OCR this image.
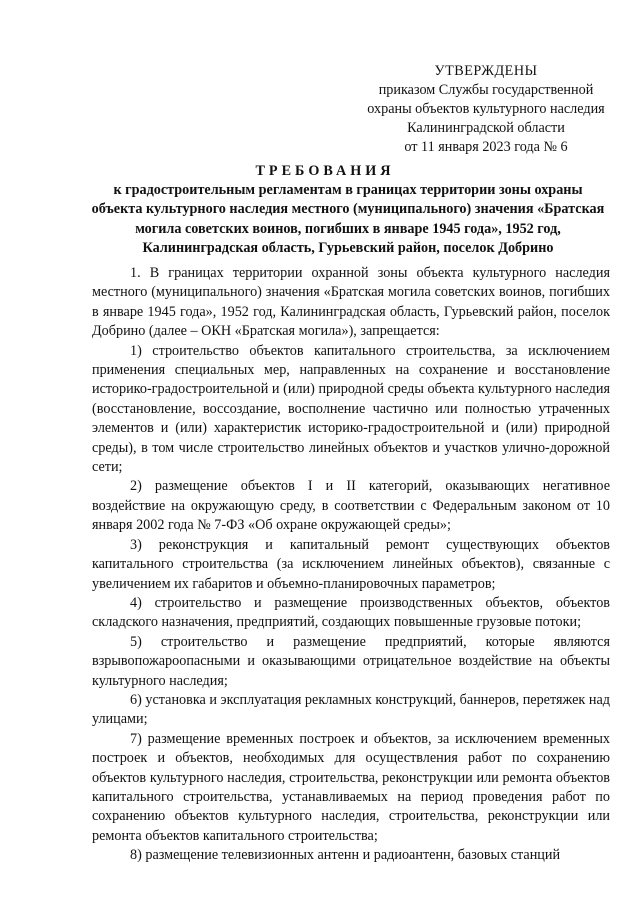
УТВЕРЖДЕНЫ
приказом Службы государственной
охраны объектов культурного наследия
Калининградской области
от 11 января 2023 года № 6
ТРЕБОВАНИЯ
к градостроительным регламентам в границах территории зоны охраны объекта культурного наследия местного (муниципального) значения «Братская могила советских воинов, погибших в январе 1945 года», 1952 год, Калининградская область, Гурьевский район, поселок Добрино

1. В границах территории охранной зоны объекта культурного наследия местного (муниципального) значения «Братская могила советских воинов, погибших в январе 1945 года», 1952 год, Калининградская область, Гурьевский район, поселок Добрино (далее – ОКН «Братская могила»), запрещается:

1) строительство объектов капитального строительства, за исключением применения специальных мер, направленных на сохранение и восстановление историко-градостроительной и (или) природной среды объекта культурного наследия (восстановление, воссоздание, восполнение частично или полностью утраченных элементов и (или) характеристик историко-градостроительной и (или) природной среды), в том числе строительство линейных объектов и участков улично-дорожной сети;

2) размещение объектов I и II категорий, оказывающих негативное воздействие на окружающую среду, в соответствии с Федеральным законом от 10 января 2002 года № 7-ФЗ «Об охране окружающей среды»;

3) реконструкция и капитальный ремонт существующих объектов капитального строительства (за исключением линейных объектов), связанные с увеличением их габаритов и объемно-планировочных параметров;

4) строительство и размещение производственных объектов, объектов складского назначения, предприятий, создающих повышенные грузовые потоки;

5) строительство и размещение предприятий, которые являются взрывопожароопасными и оказывающими отрицательное воздействие на объекты культурного наследия;

6) установка и эксплуатация рекламных конструкций, баннеров, перетяжек над улицами;

7) размещение временных построек и объектов, за исключением временных построек и объектов, необходимых для осуществления работ по сохранению объектов культурного наследия, строительства, реконструкции или ремонта объектов капитального строительства, устанавливаемых на период проведения работ по сохранению объектов культурного наследия, строительства, реконструкции или ремонта объектов капитального строительства;

8) размещение телевизионных антенн и радиоантенн, базовых станций
